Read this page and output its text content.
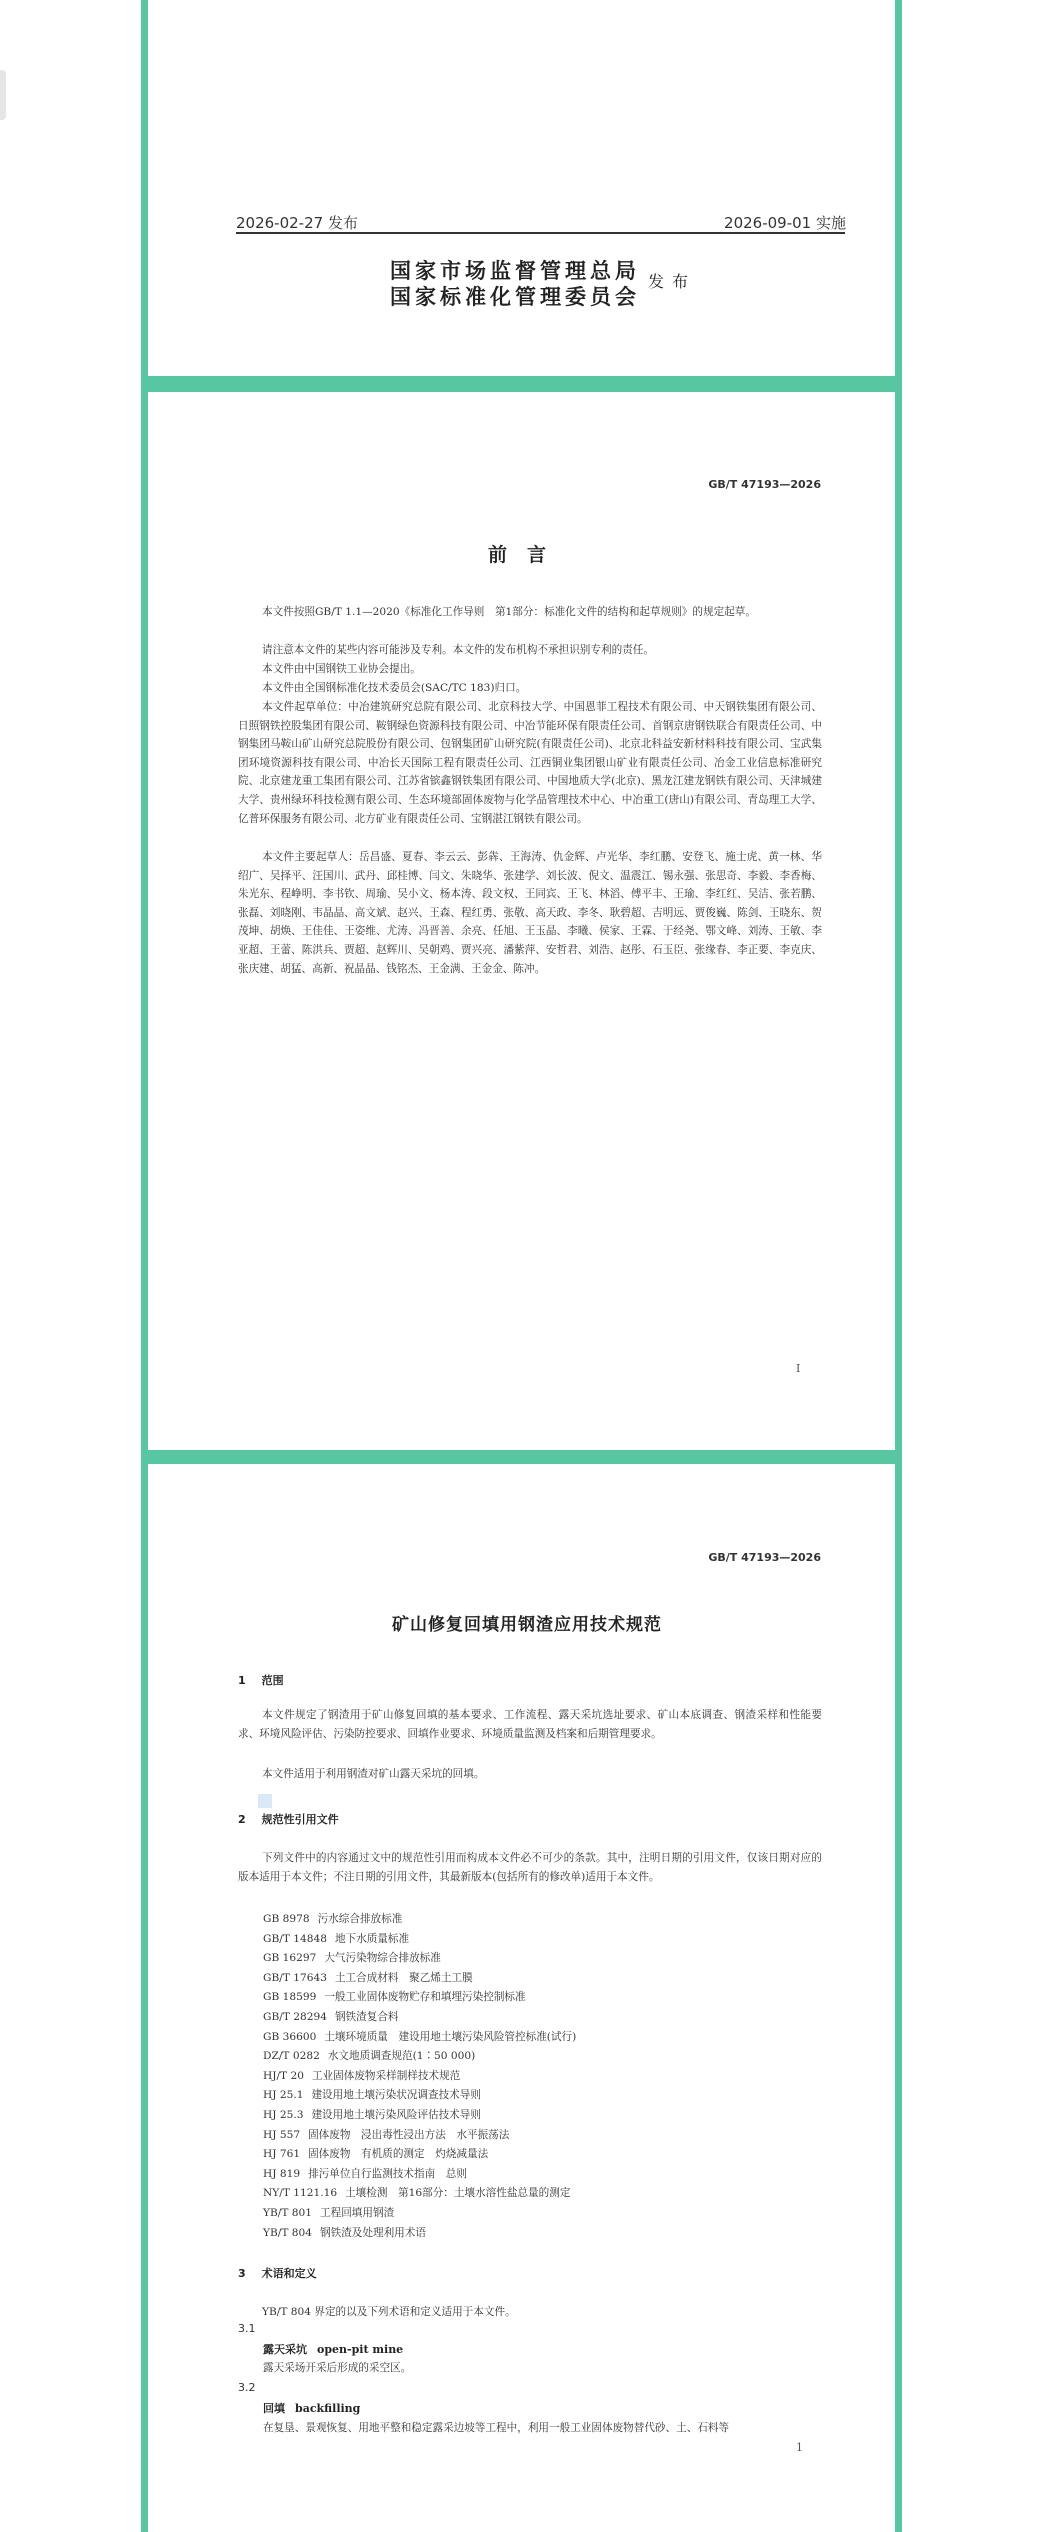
2026-02-27 发布	2026-09-01 实施
国家市场监督管理总局
国家标准化管理委员会
发布
GB/T 47193—2026
前言
本文件按照GB/T 1.1—2020《标准化工作导则　第1部分：标准化文件的结构和起草规则》的规定起草。
请注意本文件的某些内容可能涉及专利。本文件的发布机构不承担识别专利的责任。
本文件由中国钢铁工业协会提出。
本文件由全国钢标准化技术委员会(SAC/TC 183)归口。
本文件起草单位：中冶建筑研究总院有限公司、北京科技大学、中国恩菲工程技术有限公司、中天钢铁集团有限公司、日照钢铁控股集团有限公司、鞍钢绿色资源科技有限公司、中冶节能环保有限责任公司、首钢京唐钢铁联合有限责任公司、中钢集团马鞍山矿山研究总院股份有限公司、包钢集团矿山研究院(有限责任公司)、北京北科益安新材料科技有限公司、宝武集团环境资源科技有限公司、中冶长天国际工程有限责任公司、江西铜业集团银山矿业有限责任公司、冶金工业信息标准研究院、北京建龙重工集团有限公司、江苏省镔鑫钢铁集团有限公司、中国地质大学(北京)、黑龙江建龙钢铁有限公司、天津城建大学、贵州绿环科技检测有限公司、生态环境部固体废物与化学品管理技术中心、中冶重工(唐山)有限公司、青岛理工大学、亿普环保服务有限公司、北方矿业有限责任公司、宝钢湛江钢铁有限公司。
本文件主要起草人：岳昌盛、夏春、李云云、彭犇、王海涛、仇金辉、卢光华、李红鹏、安登飞、施士虎、黄一林、华绍广、吴择平、汪国川、武丹、邱桂博、闫文、朱晓华、张建学、刘长波、倪文、温震江、锡永强、张思奇、李毅、李香梅、朱光东、程峥明、李书钦、周瑜、吴小文、杨本涛、段文权、王同宾、王飞、林滔、傅平丰、王瑜、李红红、吴洁、张若鹏、张磊、刘晓刚、韦晶晶、高文斌、赵兴、王森、程红勇、张敬、高天政、李冬、耿碧超、吉明远、贾俊巍、陈剑、王晓东、贺茂坤、胡焕、王佳佳、王姿维、尤涛、冯晋善、余亮、任旭、王玉晶、李曦、侯家、王霖、于经尧、鄂文峰、刘涛、王敏、李亚超、王蕾、陈洪兵、贾超、赵辉川、吴朝鸡、贾兴亮、潘紫萍、安哲君、刘浩、赵彤、石玉臣、张缘春、李正要、李克庆、张庆建、胡猛、高新、祝晶晶、钱铭杰、王金满、王金金、陈冲。
I
GB/T 47193—2026
矿山修复回填用钢渣应用技术规范
1 范围
本文件规定了钢渣用于矿山修复回填的基本要求、工作流程、露天采坑选址要求、矿山本底调查、钢渣采样和性能要求、环境风险评估、污染防控要求、回填作业要求、环境质量监测及档案和后期管理要求。
本文件适用于利用钢渣对矿山露天采坑的回填。
2 规范性引用文件
下列文件中的内容通过文中的规范性引用而构成本文件必不可少的条款。其中，注明日期的引用文件，仅该日期对应的版本适用于本文件；不注日期的引用文件，其最新版本(包括所有的修改单)适用于本文件。
GB 8978 污水综合排放标准
GB/T 14848 地下水质量标准
GB 16297 大气污染物综合排放标准
GB/T 17643 土工合成材料　聚乙烯土工膜
GB 18599 一般工业固体废物贮存和填埋污染控制标准
GB/T 28294 钢铁渣复合料
GB 36600 土壤环境质量　建设用地土壤污染风险管控标准(试行)
DZ/T 0282 水文地质调查规范(1∶50 000)
HJ/T 20 工业固体废物采样制样技术规范
HJ 25.1 建设用地土壤污染状况调查技术导则
HJ 25.3 建设用地土壤污染风险评估技术导则
HJ 557 固体废物　浸出毒性浸出方法　水平振荡法
HJ 761 固体废物　有机质的测定　灼烧减量法
HJ 819 排污单位自行监测技术指南　总则
NY/T 1121.16 土壤检测　第16部分：土壤水溶性盐总量的测定
YB/T 801 工程回填用钢渣
YB/T 804 钢铁渣及处理利用术语
3 术语和定义
YB/T 804 界定的以及下列术语和定义适用于本文件。
3.1
露天采坑 open-pit mine
露天采场开采后形成的采空区。
3.2
回填 backfilling
在复垦、景观恢复、用地平整和稳定露采边坡等工程中，利用一般工业固体废物替代砂、土、石料等
1
